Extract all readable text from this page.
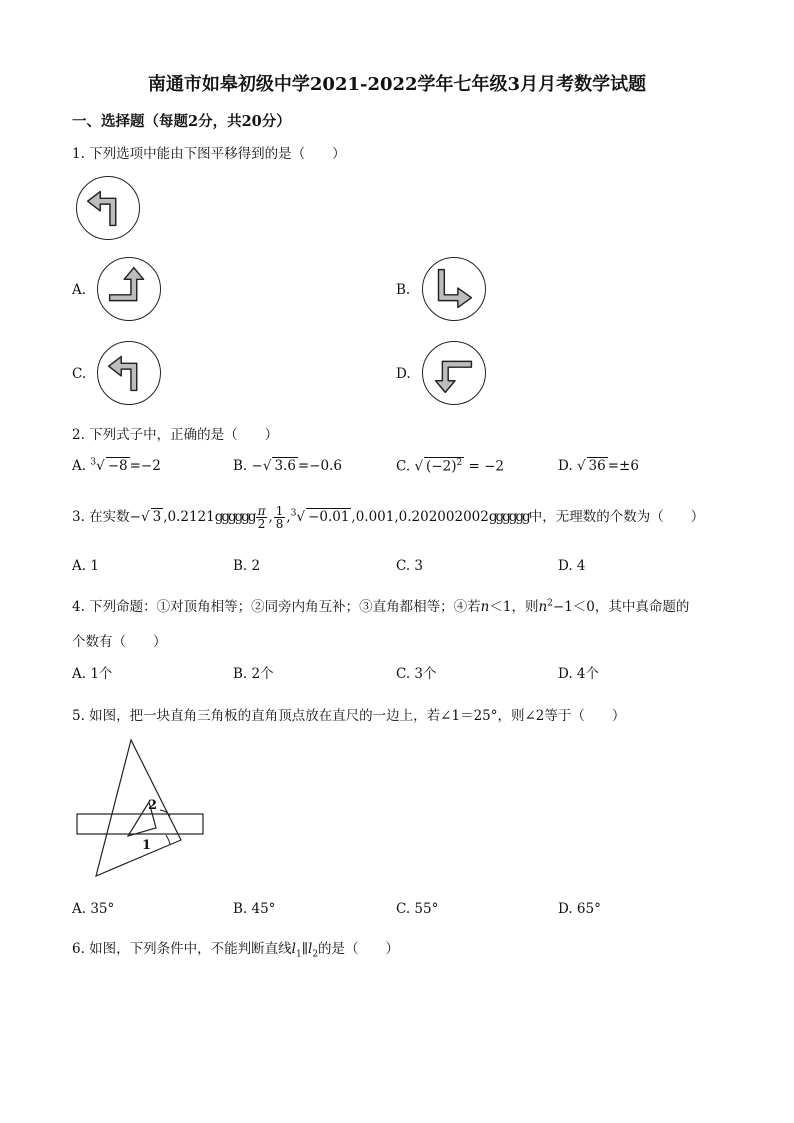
南通市如皋初级中学2021-2022学年七年级3月月考数学试题
一、选择题（每题2分，共20分）
1. 下列选项中能由下图平移得到的是（　　）
A.	B.
C.	D.
2. 下列式子中，正确的是（　　）
A. $^3$√ −8 =−2	B. −√ 3.6 =−0.6	C. √ $(-2)^2 = -2$	D. √ 36 =±6
3. 在实数−√ 3 ,0.2121gggggg $\frac{\pi}{2}$ , $\frac{1}{8} ,^3√ -0.01$ ,0.001,0.202002002gggggg中，无理数的个数为（　　）
A. 1	B. 2	C. 3	D. 4
4. 下列命题：①对顶角相等；②同旁内角互补；③直角都相等；④若n＜1，则$n^2-1<0$，其中真命题的
个数有（　　）
A. 1个	B. 2个	C. 3个	D. 4个
5. 如图，把一块直角三角板的直角顶点放在直尺的一边上，若∠1＝25°，则∠2等于（　　）
2
1
A. 35°	B. 45°	C. 55°	D. 65°
6. 如图，下列条件中，不能判断直线$l_1\parallel l_2$的是（　　）
